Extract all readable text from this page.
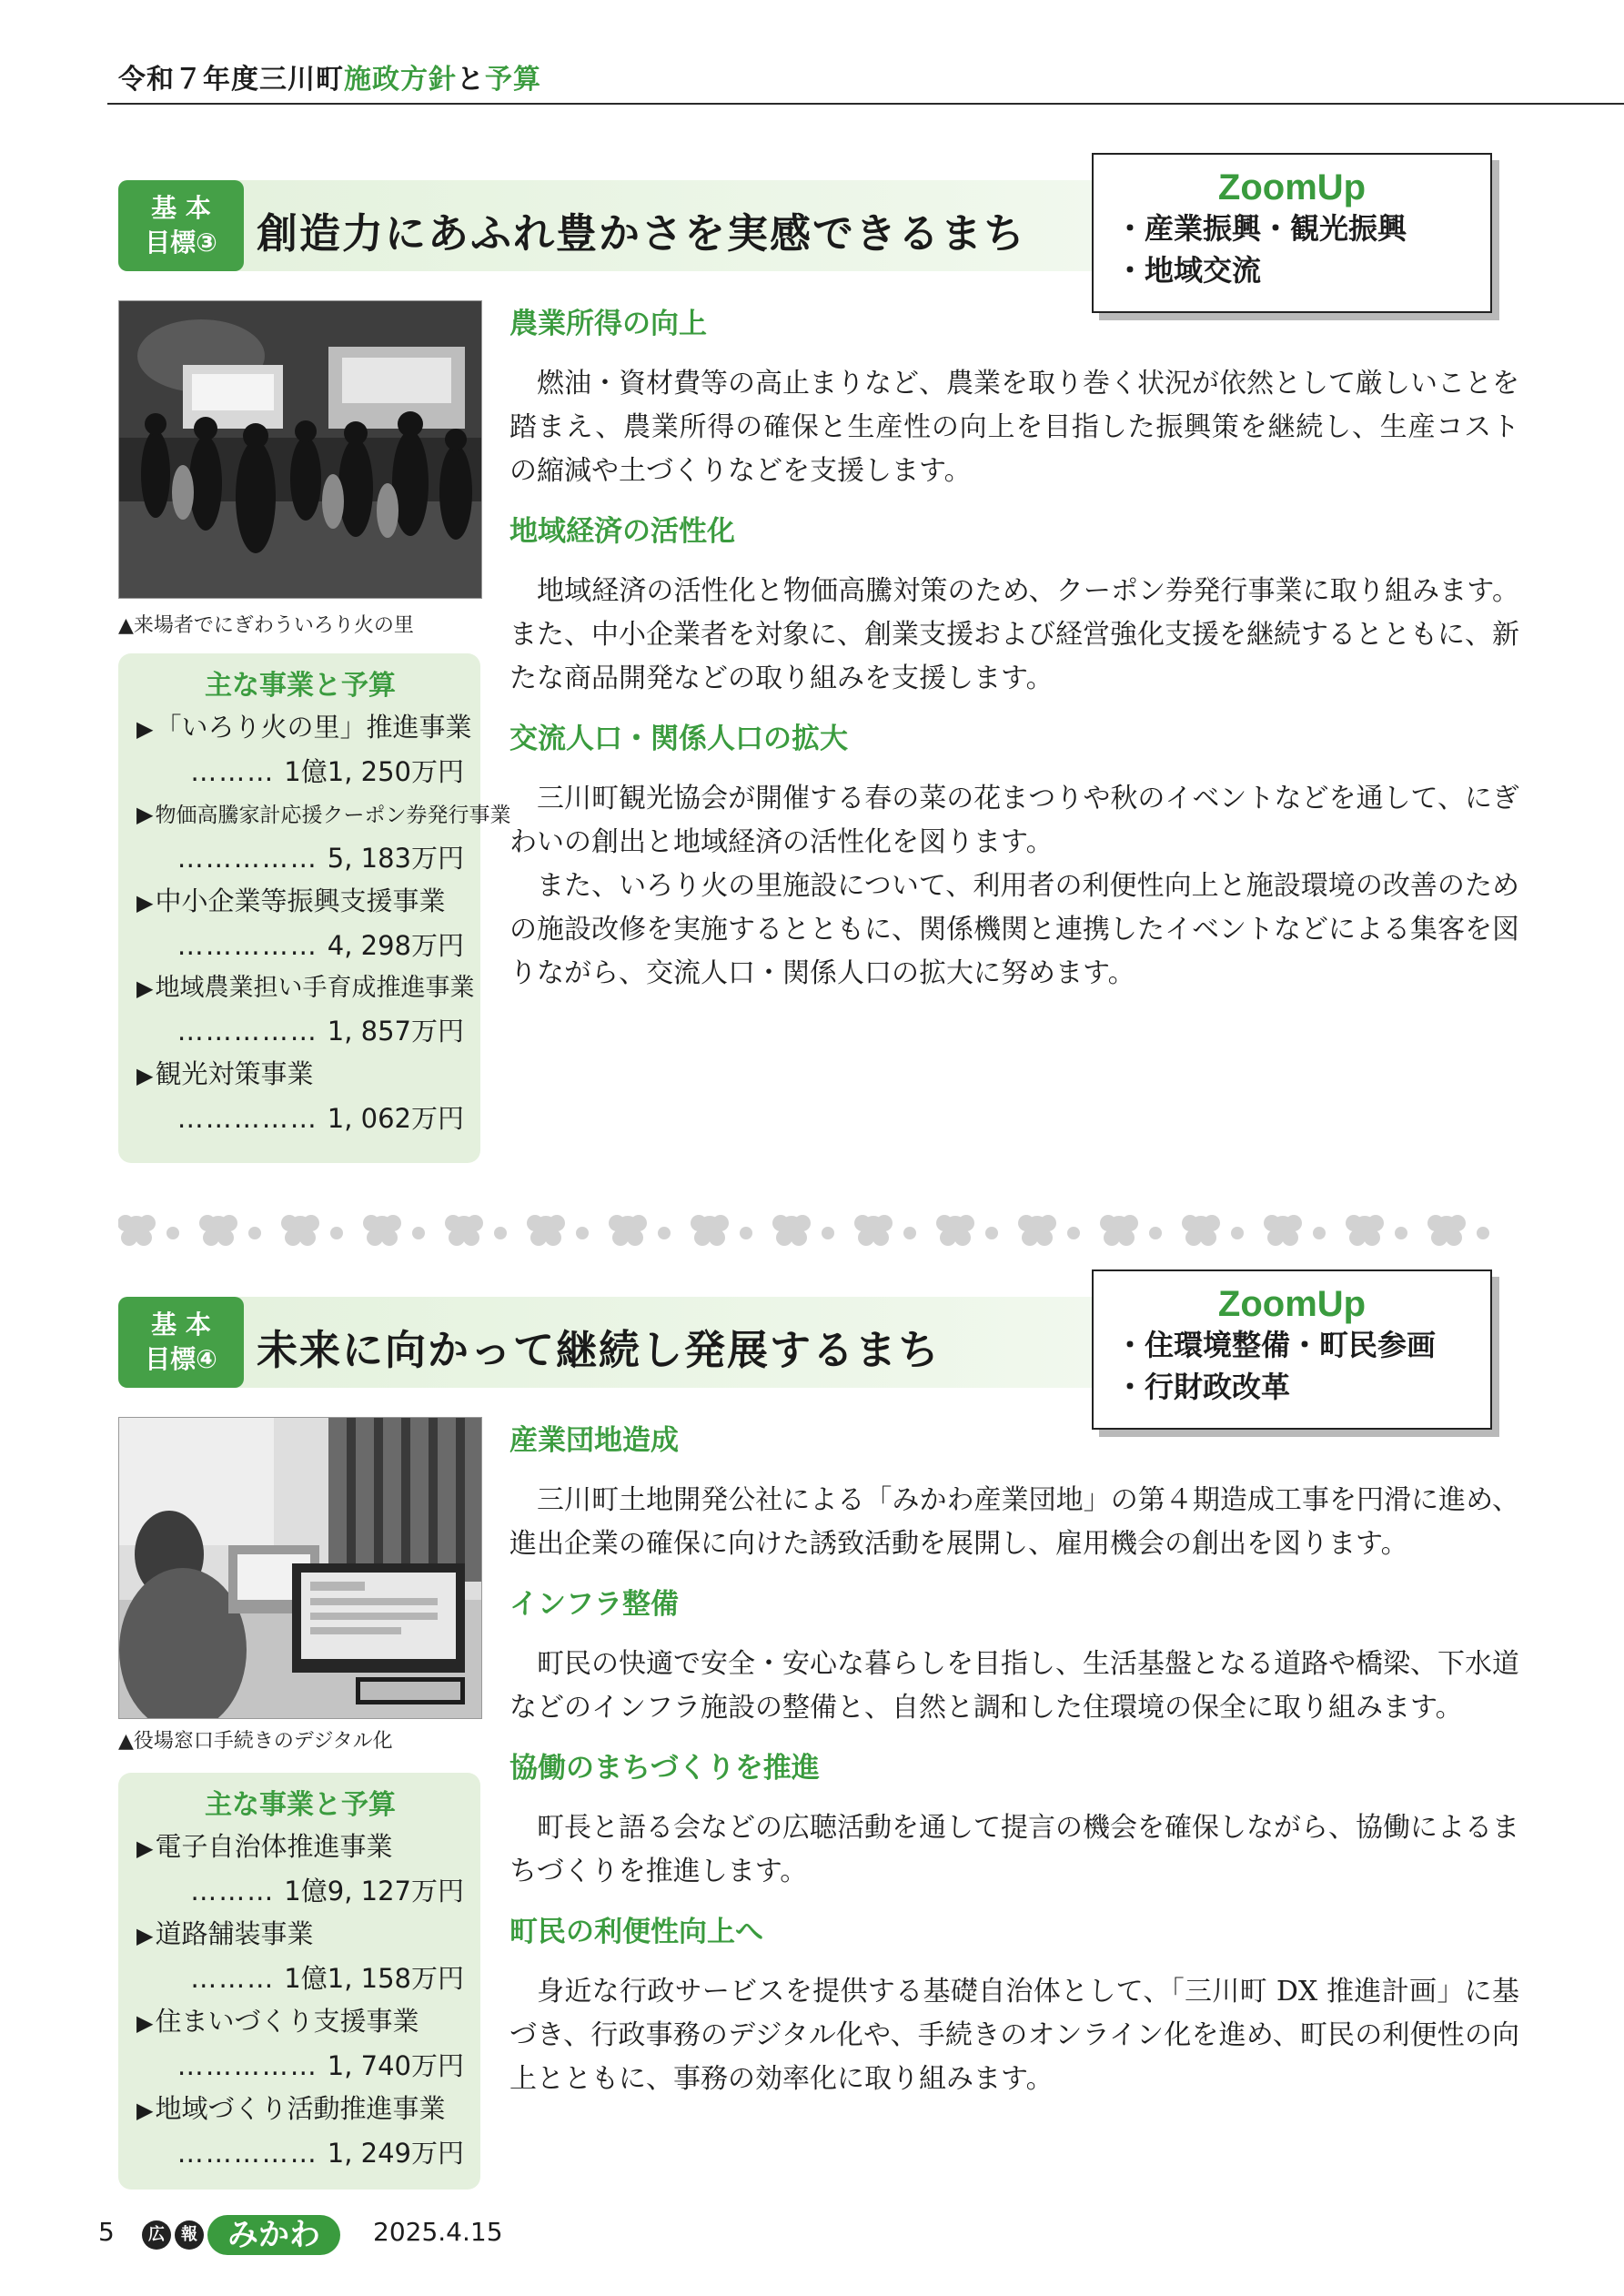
令和７年度三川町施政方針と予算
基 本
目標③ 創造力にあふれ豊かさを実感できるまち
ZoomUp
・産業振興・観光振興
・地域交流
▲来場者でにぎわういろり火の里
主な事業と予算
▶ 「いろり火の里」推進事業
……… 1億1, 250万円
▶ 物価高騰家計応援クーポン券発行事業
…………… 5, 183万円
▶ 中小企業等振興支援事業
…………… 4, 298万円
▶ 地域農業担い手育成推進事業
…………… 1, 857万円
▶ 観光対策事業
…………… 1, 062万円
農業所得の向上

燃油・資材費等の高止まりなど、農業を取り巻く状況が依然として厳しいことを踏まえ、農業所得の確保と生産性の向上を目指した振興策を継続し、生産コストの縮減や土づくりなどを支援します。

地域経済の活性化

地域経済の活性化と物価高騰対策のため、クーポン券発行事業に取り組みます。また、中小企業者を対象に、創業支援および経営強化支援を継続するとともに、新たな商品開発などの取り組みを支援します。

交流人口・関係人口の拡大

三川町観光協会が開催する春の菜の花まつりや秋のイベントなどを通して、にぎわいの創出と地域経済の活性化を図ります。

また、いろり火の里施設について、利用者の利便性向上と施設環境の改善のための施設改修を実施するとともに、関係機関と連携したイベントなどによる集客を図りながら、交流人口・関係人口の拡大に努めます。

基 本
目標④ 未来に向かって継続し発展するまち
ZoomUp
・住環境整備・町民参画
・行財政改革
▲役場窓口手続きのデジタル化
主な事業と予算
▶ 電子自治体推進事業
……… 1億9, 127万円
▶ 道路舗装事業
……… 1億1, 158万円
▶ 住まいづくり支援事業
…………… 1, 740万円
▶ 地域づくり活動推進事業
…………… 1, 249万円
産業団地造成

三川町土地開発公社による「みかわ産業団地」の第４期造成工事を円滑に進め、進出企業の確保に向けた誘致活動を展開し、雇用機会の創出を図ります。

インフラ整備

町民の快適で安全・安心な暮らしを目指し、生活基盤となる道路や橋梁、下水道などのインフラ施設の整備と、自然と調和した住環境の保全に取り組みます。

協働のまちづくりを推進

町長と語る会などの広聴活動を通して提言の機会を確保しながら、協働によるまちづくりを推進します。

町民の利便性向上へ

身近な行政サービスを提供する基礎自治体として、「三川町 DX 推進計画」に基づき、行政事務のデジタル化や、手続きのオンライン化を進め、町民の利便性の向上とともに、事務の効率化に取り組みます。

5	広	報 みかわ	2025.4.15
